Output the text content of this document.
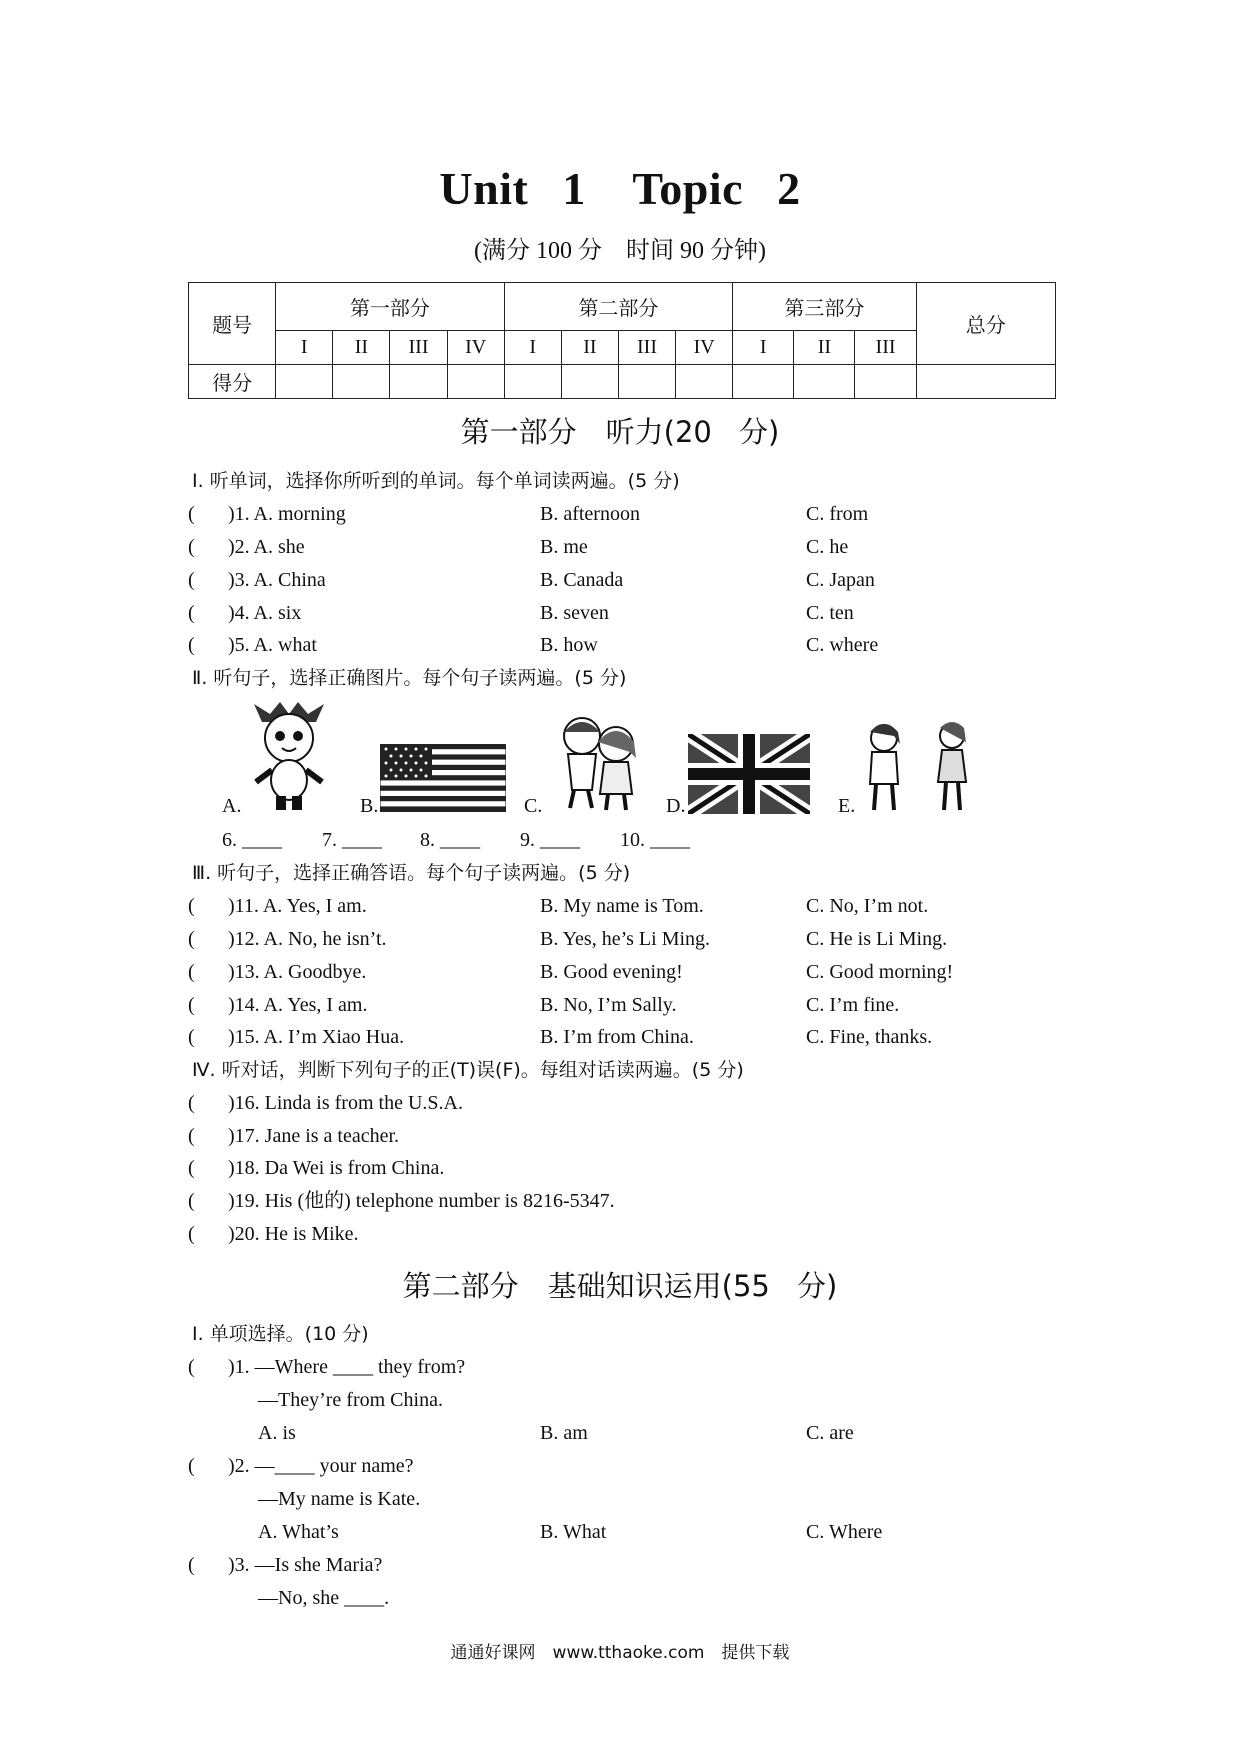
Unit 1　Topic 2
(满分 100 分　时间 90 分钟)
题号	第一部分				第二部分				第三部分			总分
	I	II	III	IV	I	II	III	IV	I	II	III	
得分												
第一部分　听力(20 分)
Ⅰ. 听单词，选择你所听到的单词。每个单词读两遍。(5 分)
( )1. A. morning	B. afternoon	C. from
( )2. A. she	B. me	C. he
( )3. A. China	B. Canada	C. Japan
( )4. A. six	B. seven	C. ten
( )5. A. what	B. how	C. where
Ⅱ. 听句子，选择正确图片。每个句子读两遍。(5 分)
A.	B.	C.	D.	E.
6. ____ 7. ____ 8. ____ 9. ____ 10. ____
Ⅲ. 听句子，选择正确答语。每个句子读两遍。(5 分)
( )11. A. Yes, I am.	B. My name is Tom.	C. No, I’m not.
( )12. A. No, he isn’t.	B. Yes, he’s Li Ming.	C. He is Li Ming.
( )13. A. Goodbye.	B. Good evening!	C. Good morning!
( )14. A. Yes, I am.	B. No, I’m Sally.	C. I’m fine.
( )15. A. I’m Xiao Hua.	B. I’m from China.	C. Fine, thanks.
Ⅳ. 听对话，判断下列句子的正(T)误(F)。每组对话读两遍。(5 分)
( )16. Linda is from the U.S.A.
( )17. Jane is a teacher.
( )18. Da Wei is from China.
( )19. His (他的) telephone number is 8216-5347.
( )20. He is Mike.
第二部分　基础知识运用(55 分)
Ⅰ. 单项选择。(10 分)
( )1. —Where ____ they from?
—They’re from China.
A. is	B. am	C. are
( )2. —____ your name?
—My name is Kate.
A. What’s	B. What	C. Where
( )3. —Is she Maria?
—No, she ____.
通通好课网　www.tthaoke.com　提供下载
